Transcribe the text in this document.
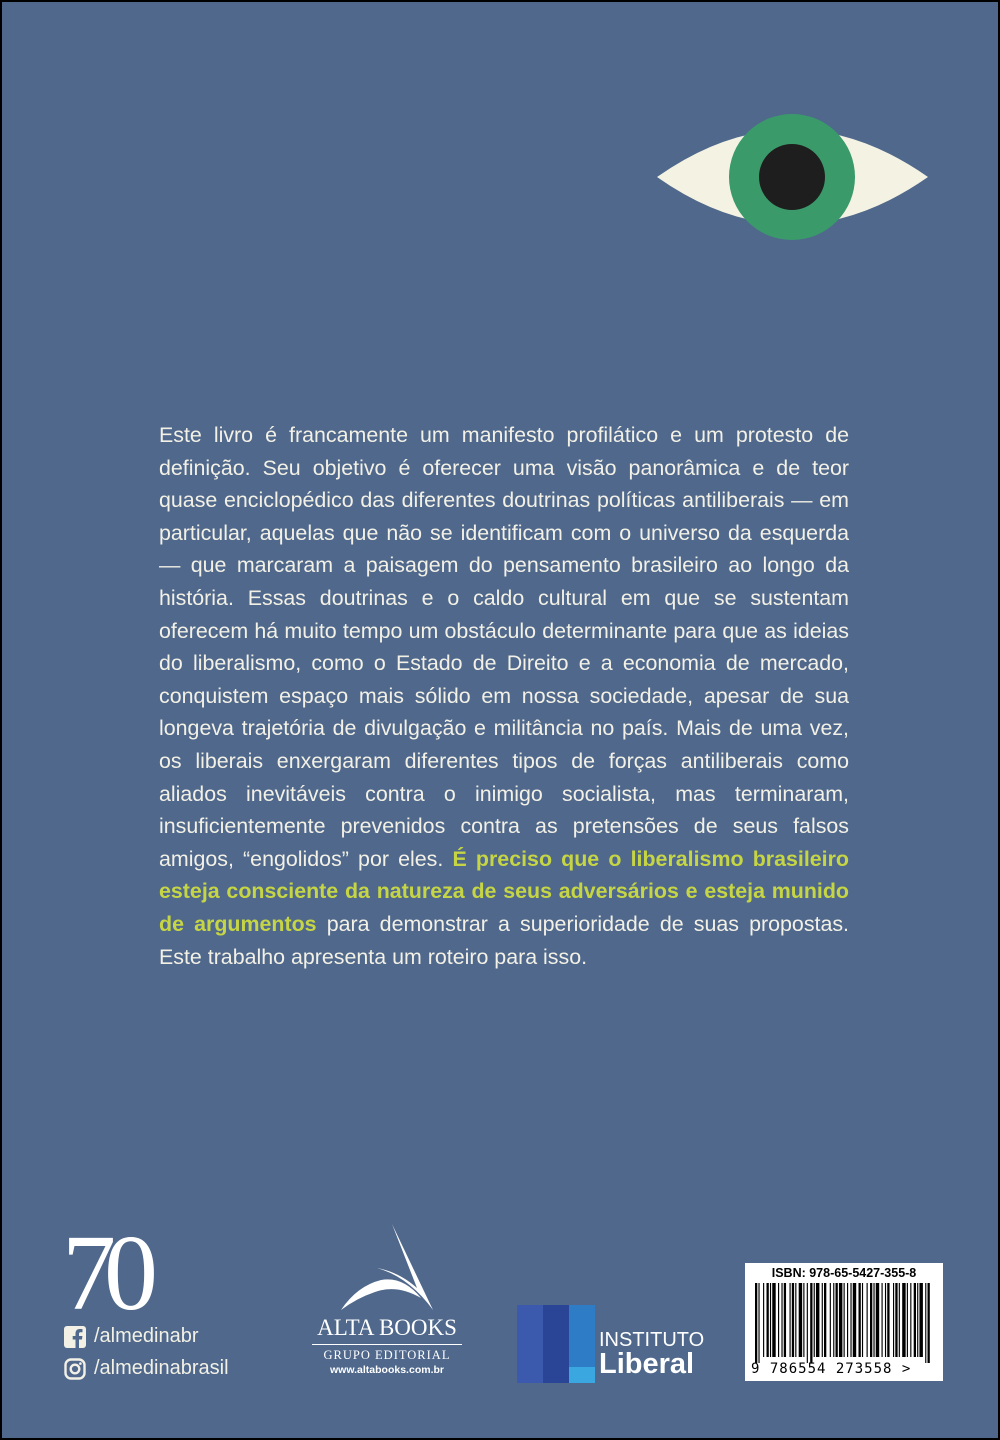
Este livro é francamente um manifesto profilático e um protesto de definição. Seu objetivo é oferecer uma visão panorâmica e de teor quase enciclopédico das diferentes doutrinas políticas antiliberais — em particular, aquelas que não se identificam com o universo da esquerda — que marcaram a paisagem do pensamento brasileiro ao longo da história. Essas doutrinas e o caldo cultural em que se sustentam oferecem há muito tempo um obstáculo determinante para que as ideias do liberalismo, como o Estado de Direito e a economia de mercado, conquistem espaço mais sólido em nossa sociedade, apesar de sua longeva trajetória de divulgação e militância no país. Mais de uma vez, os liberais enxergaram diferentes tipos de forças antiliberais como aliados inevitáveis contra o inimigo socialista, mas terminaram, insuficientemente prevenidos contra as pretensões de seus falsos amigos, “engolidos” por eles. É preciso que o liberalismo brasileiro esteja consciente da natureza de seus adversários e esteja munido de argumentos para demonstrar a superioridade de suas propostas. Este trabalho apresenta um roteiro para isso.

70
/almedinabr
/almedinabrasil
ALTA BOOKS
GRUPO EDITORIAL
www.altabooks.com.br
INSTITUTO
Liberal
ISBN: 978-65-5427-355-8
9 786554 273558 >
